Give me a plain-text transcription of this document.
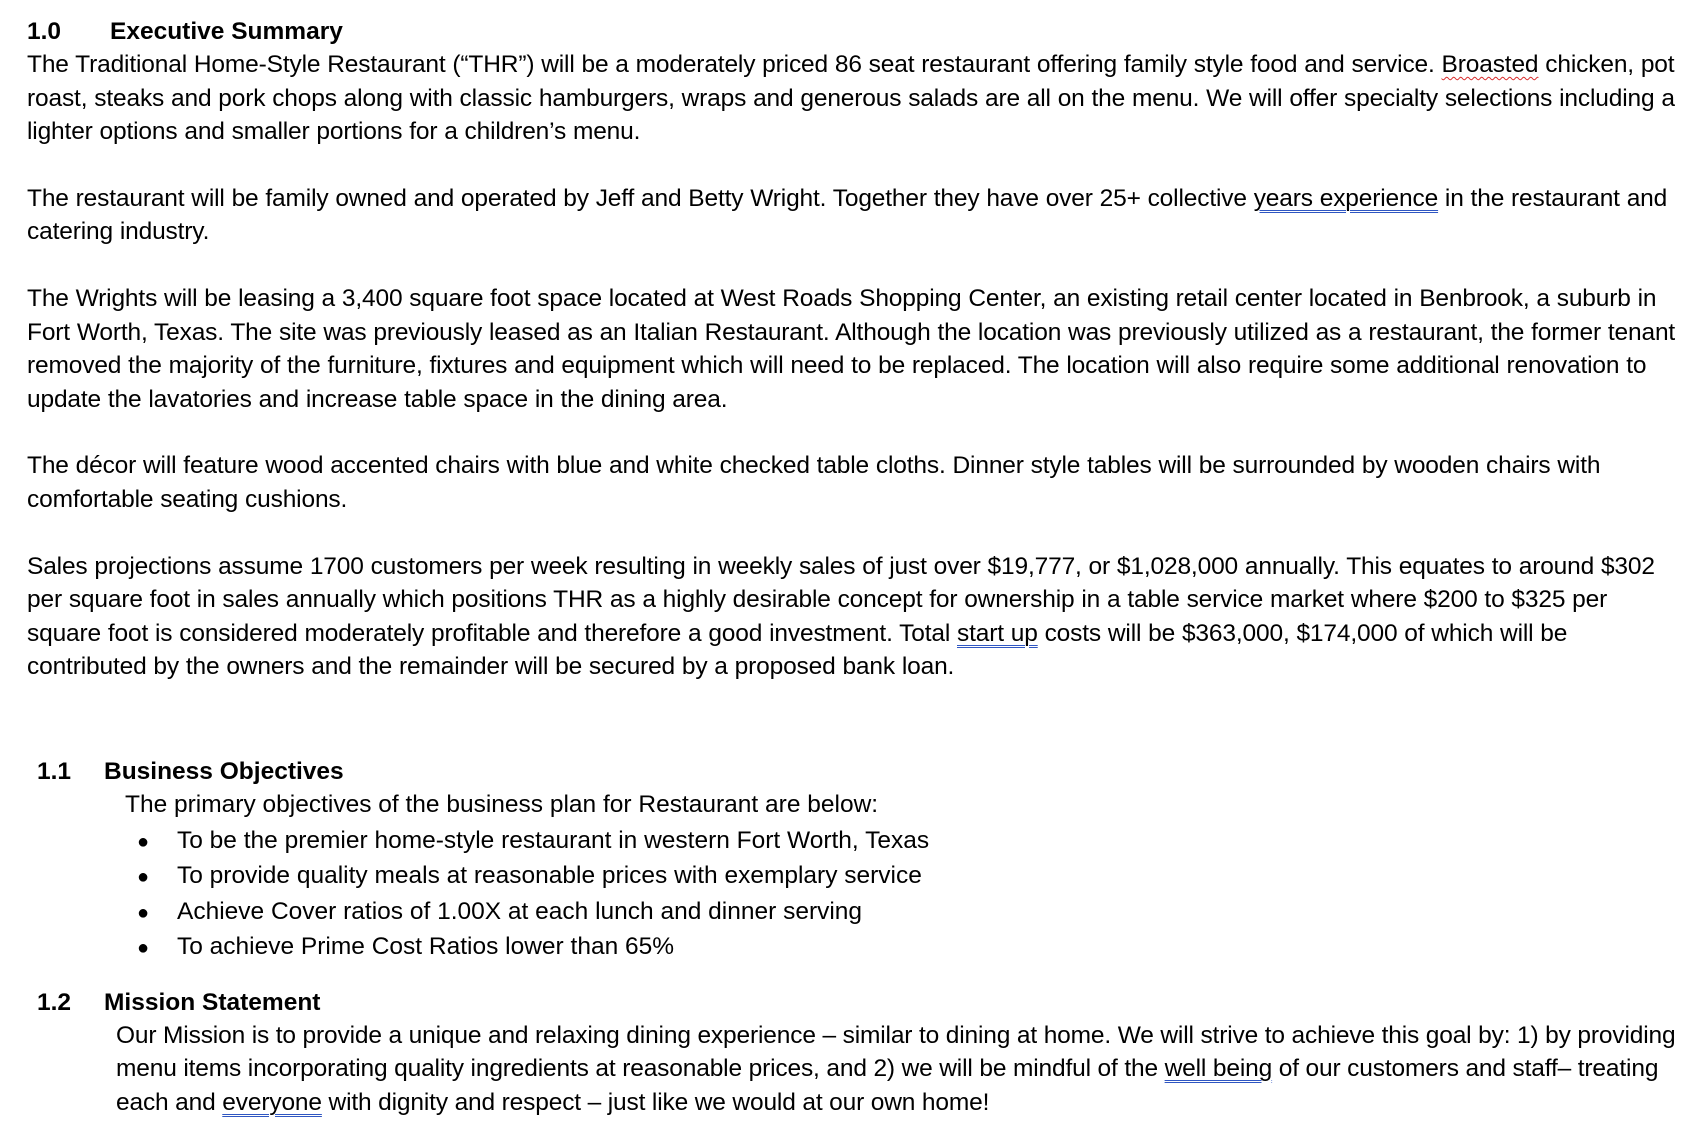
1.0	Executive Summary

The Traditional Home-Style Restaurant (“THR”) will be a moderately priced 86 seat restaurant offering family style food and service. Broasted chicken, pot roast, steaks and pork chops along with classic hamburgers, wraps and generous salads are all on the menu. We will offer specialty selections including a lighter options and smaller portions for a children’s menu.

The restaurant will be family owned and operated by Jeff and Betty Wright. Together they have over 25+ collective years experience in the restaurant and catering industry.

The Wrights will be leasing a 3,400 square foot space located at West Roads Shopping Center, an existing retail center located in Benbrook, a suburb in Fort Worth, Texas. The site was previously leased as an Italian Restaurant. Although the location was previously utilized as a restaurant, the former tenant removed the majority of the furniture, fixtures and equipment which will need to be replaced. The location will also require some additional renovation to update the lavatories and increase table space in the dining area.

The décor will feature wood accented chairs with blue and white checked table cloths. Dinner style tables will be surrounded by wooden chairs with comfortable seating cushions.

Sales projections assume 1700 customers per week resulting in weekly sales of just over $19,777, or $1,028,000 annually. This equates to around $302 per square foot in sales annually which positions THR as a highly desirable concept for ownership in a table service market where $200 to $325 per square foot is considered moderately profitable and therefore a good investment. Total start up costs will be $363,000, $174,000 of which will be contributed by the owners and the remainder will be secured by a proposed bank loan.

1.1	Business Objectives

The primary objectives of the business plan for Restaurant are below:

●	To be the premier home-style restaurant in western Fort Worth, Texas
●	To provide quality meals at reasonable prices with exemplary service
●	Achieve Cover ratios of 1.00X at each lunch and dinner serving
●	To achieve Prime Cost Ratios lower than 65%
1.2	Mission Statement

Our Mission is to provide a unique and relaxing dining experience – similar to dining at home. We will strive to achieve this goal by: 1) by providing menu items incorporating quality ingredients at reasonable prices, and 2) we will be mindful of the well being of our customers and staff– treating each and everyone with dignity and respect – just like we would at our own home!
